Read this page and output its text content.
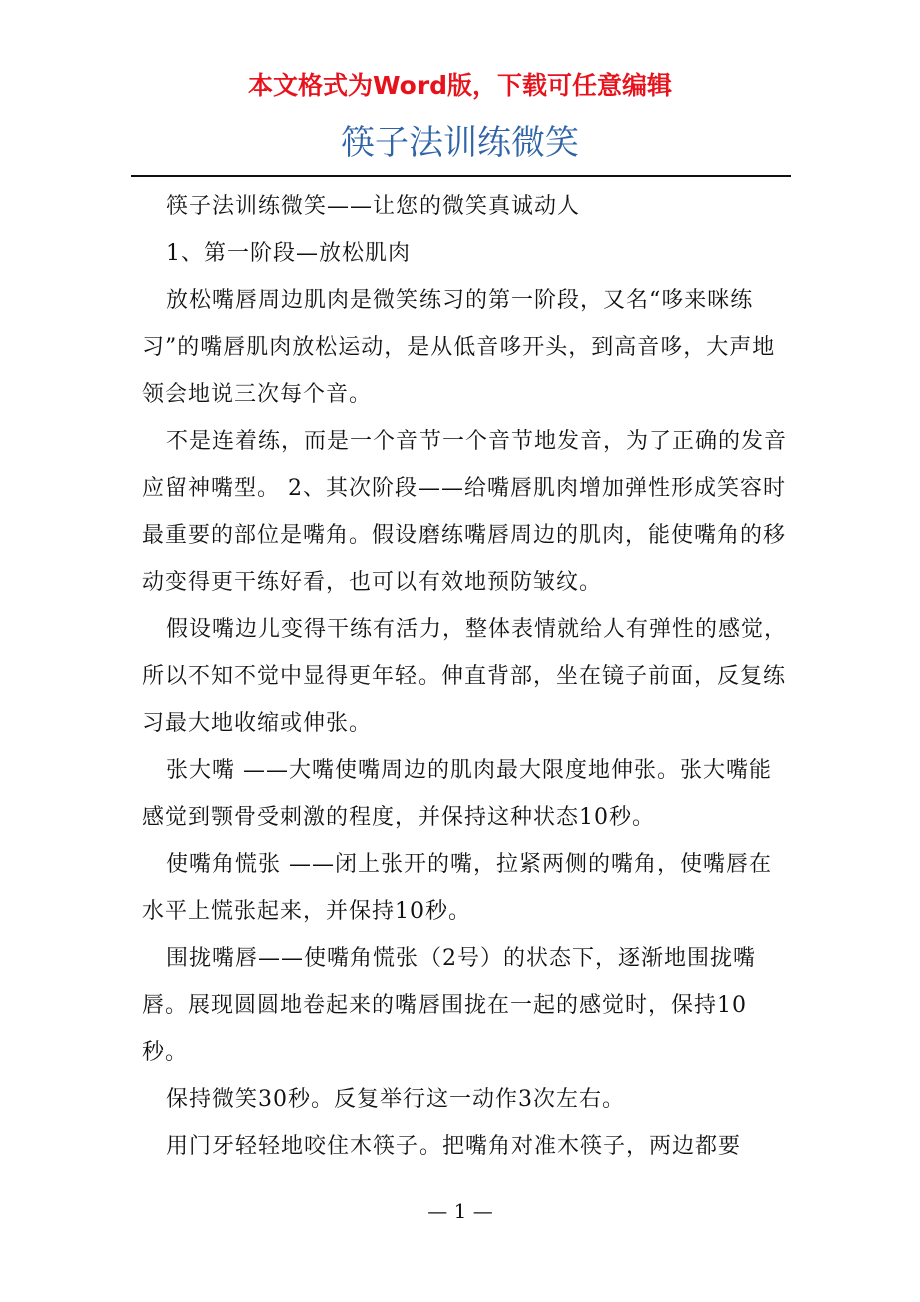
本文格式为Word版，下载可任意编辑
筷子法训练微笑

筷子法训练微笑——让您的微笑真诚动人

1、第一阶段—放松肌肉

放松嘴唇周边肌肉是微笑练习的第一阶段，又名“哆来咪练习”的嘴唇肌肉放松运动，是从低音哆开头，到高音哆，大声地领会地说三次每个音。

不是连着练，而是一个音节一个音节地发音，为了正确的发音应留神嘴型。 2、其次阶段——给嘴唇肌肉增加弹性形成笑容时最重要的部位是嘴角。假设磨练嘴唇周边的肌肉，能使嘴角的移动变得更干练好看，也可以有效地预防皱纹。

假设嘴边儿变得干练有活力，整体表情就给人有弹性的感觉，所以不知不觉中显得更年轻。伸直背部，坐在镜子前面，反复练习最大地收缩或伸张。

张大嘴 ——大嘴使嘴周边的肌肉最大限度地伸张。张大嘴能感觉到颚骨受刺激的程度，并保持这种状态10秒。

使嘴角慌张 ——闭上张开的嘴，拉紧两侧的嘴角，使嘴唇在水平上慌张起来，并保持10秒。

围拢嘴唇——使嘴角慌张（2号）的状态下，逐渐地围拢嘴唇。展现圆圆地卷起来的嘴唇围拢在一起的感觉时，保持10秒。

保持微笑30秒。反复举行这一动作3次左右。

用门牙轻轻地咬住木筷子。把嘴角对准木筷子，两边都要

— 1 —
